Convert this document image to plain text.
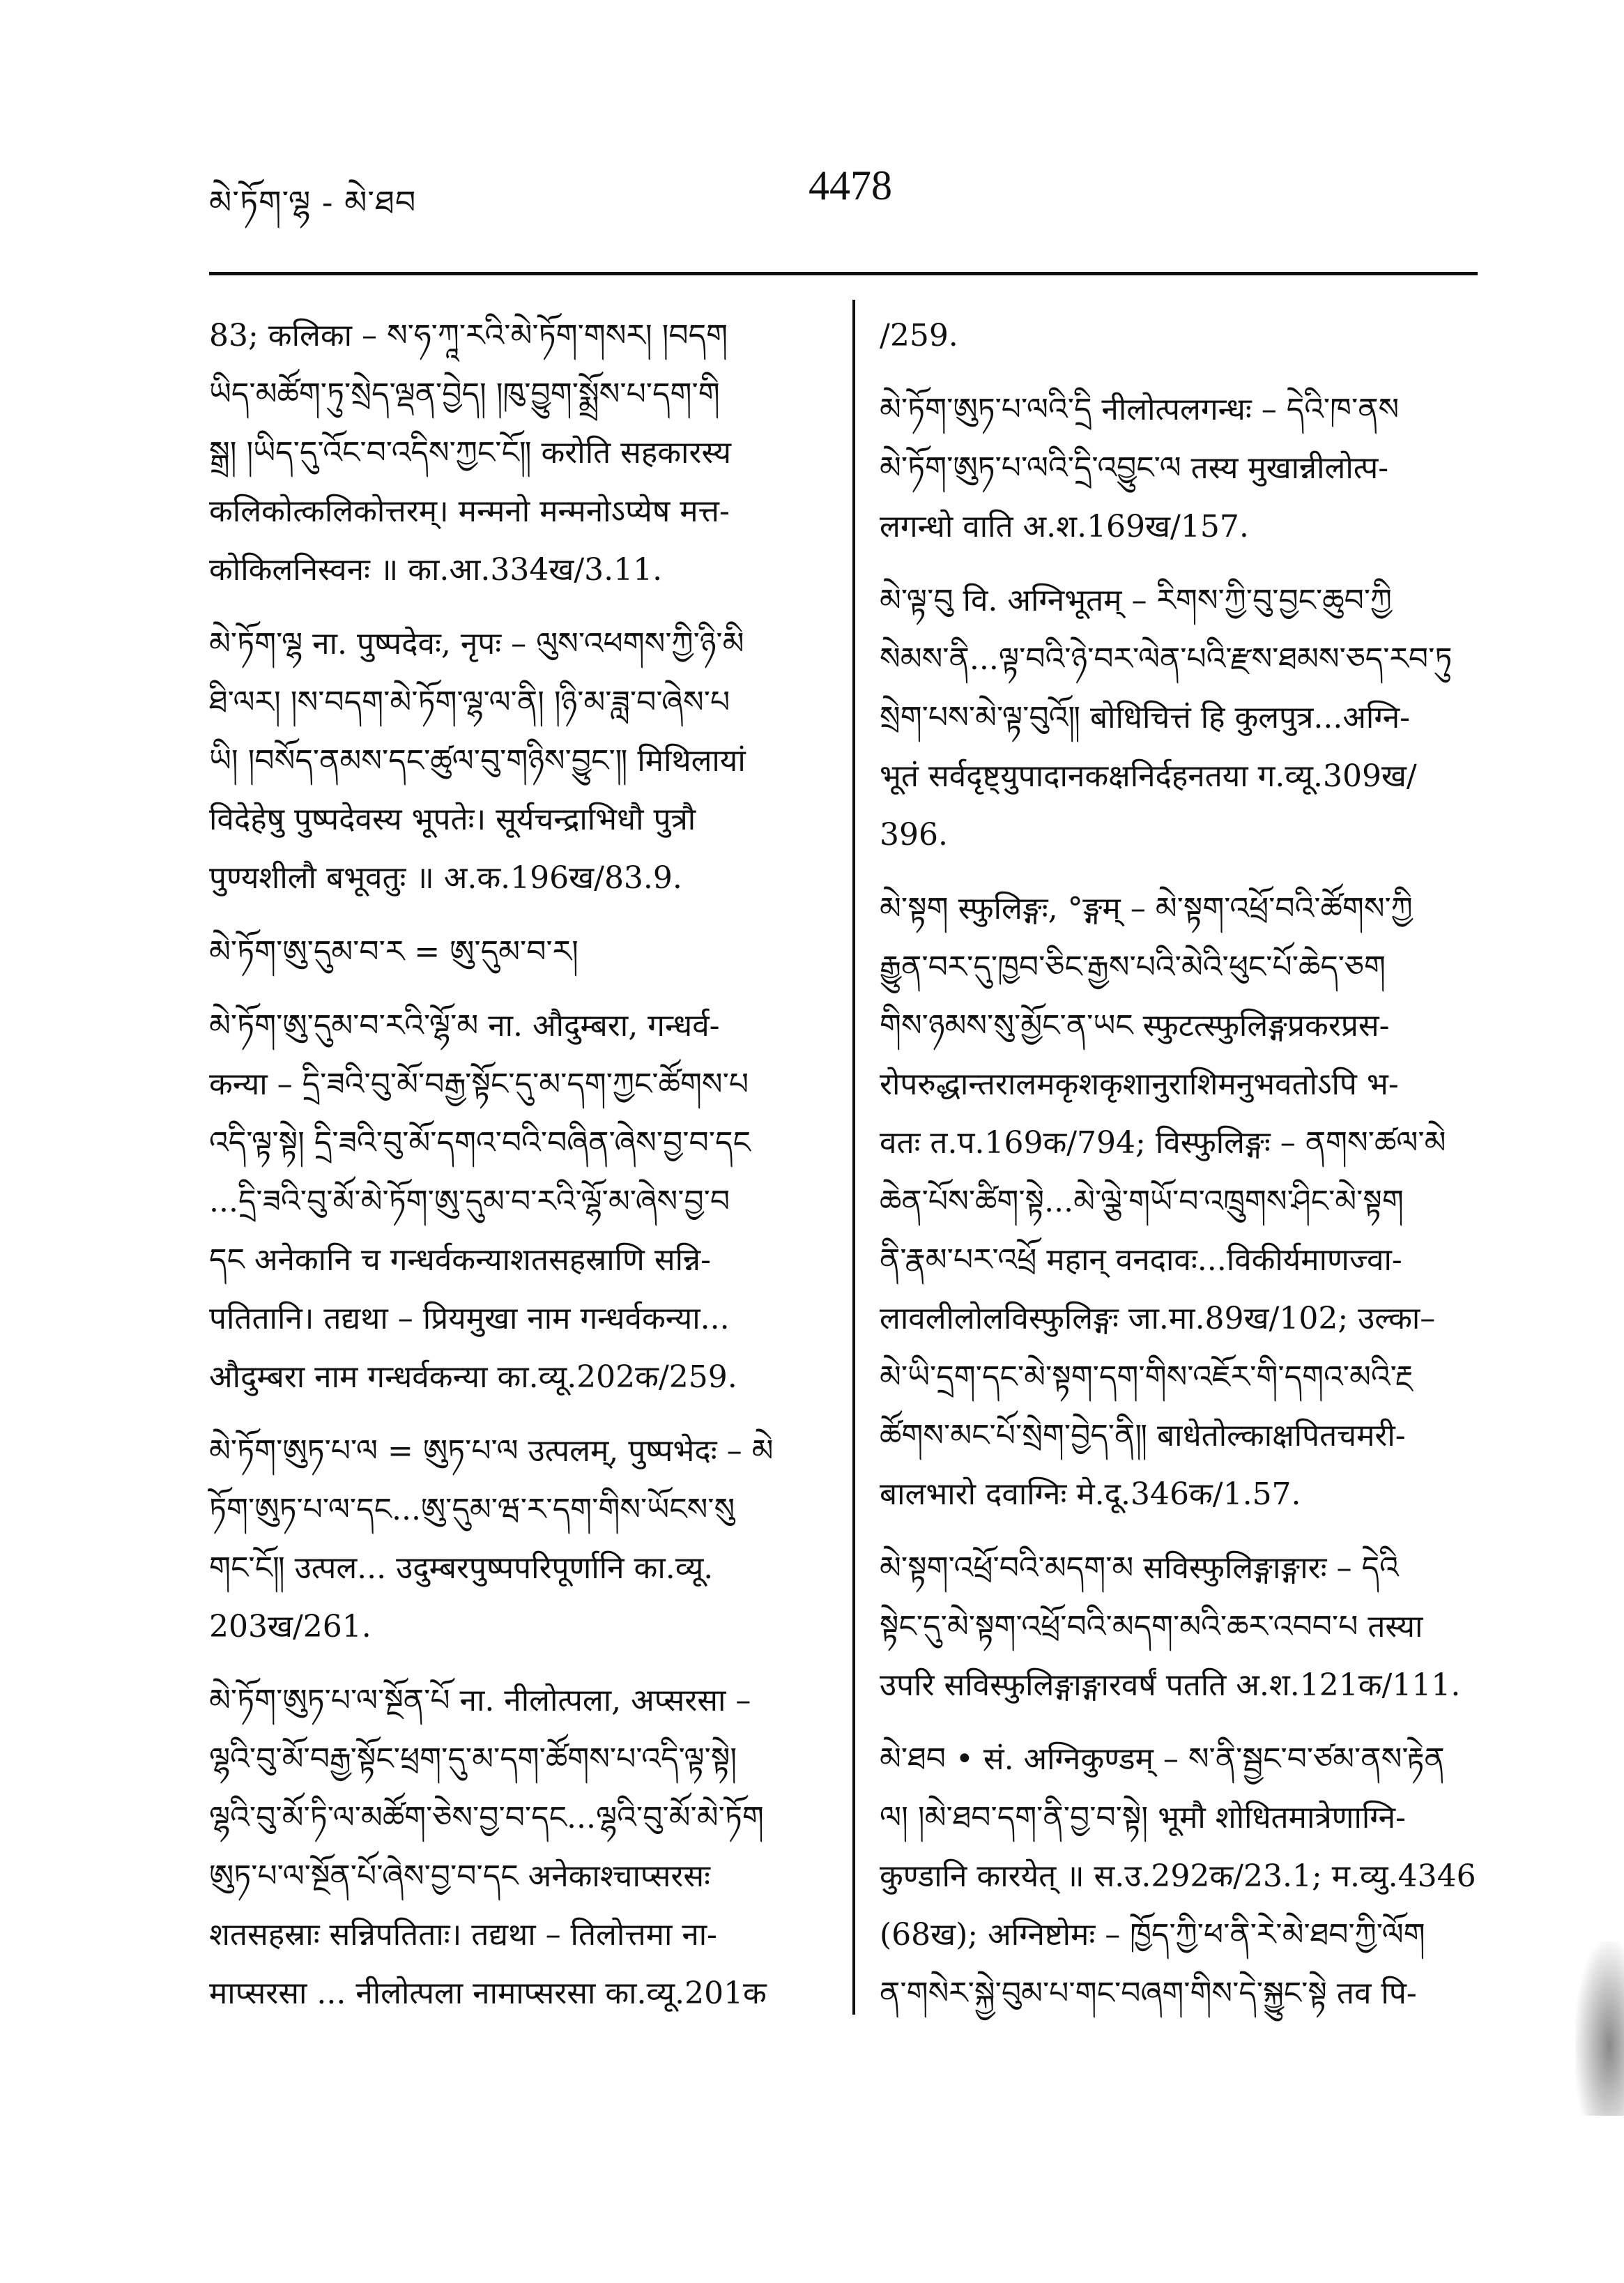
མེ་ཏོག་ལྷ - མེ་ཐབ	4478

83; कलिका – ས་ཧ་ཀཱ་རའི་མེ་ཏོག་གསར། །བདག

ཡིད་མཚོག་ཏུ་སྲེད་ལྡན་བྱེད། །ཁུ་བྱུག་སྨྲོས་པ་དག་གི

སྒྲ། །ཡིད་དུ་འོང་བ་འདིས་ཀྱང་ངོ༎ करोति सहकारस्य

कलिकोत्कलिकोत्तरम्। मन्मनो मन्मनोऽप्येष मत्त-

कोकिलनिस्वनः ॥ का.आ.334ख/3.11.

མེ་ཏོག་ལྷ ना. पुष्पदेवः, नृपः – ལུས་འཕགས་ཀྱི་ཉི་མི

ཐི་ལར། །ས་བདག་མེ་ཏོག་ལྷ་ལ་ནི། །ཉི་མ་ཟླ་བ་ཞེས་པ

ཡི། །བསོད་ནམས་དང་ཚུལ་བུ་གཉིས་བྱུང་༎ मिथिलायां

विदेहेषु पुष्पदेवस्य भूपतेः। सूर्यचन्द्राभिधौ पुत्रौ

पुण्यशीलौ बभूवतुः ॥ अ.क.196ख/83.9.

མེ་ཏོག་ཨུ་དུམ་བ་ར = ཨུ་དུམ་བ་ར།

མེ་ཏོག་ཨུ་དུམ་བ་རའི་ལྷོ་མ ना. औदुम्बरा, गन्धर्व-

कन्या – དྲི་ཟའི་བུ་མོ་བརྒྱ་སྟོང་དུ་མ་དག་ཀྱང་ཚོགས་པ

འདི་ལྟ་སྟེ། དྲི་ཟའི་བུ་མོ་དགའ་བའི་བཞིན་ཞེས་བྱ་བ་དང

...དྲི་ཟའི་བུ་མོ་མེ་ཏོག་ཨུ་དུམ་བ་རའི་ལྷོ་མ་ཞེས་བྱ་བ

དང अनेकानि च गन्धर्वकन्याशतसहस्राणि सन्नि-

पतितानि। तद्यथा – प्रियमुखा नाम गन्धर्वकन्या...

औदुम्बरा नाम गन्धर्वकन्या का.व्यू.202क/259.

མེ་ཏོག་ཨུཏ་པ་ལ = ཨུཏ་པ་ལ उत्पलम्, पुष्पभेदः – མེ

ཏོག་ཨུཏ་པ་ལ་དང...ཨུ་དུམ་ཝ་ར་དག་གིས་ཡོངས་སུ

གང་ངོ༎ उत्पल... उदुम्बरपुष्पपरिपूर्णानि का.व्यू.

203ख/261.

མེ་ཏོག་ཨུཏ་པ་ལ་སྔོན་པོ ना. नीलोत्पला, अप्सरसा –

ལྷའི་བུ་མོ་བརྒྱ་སྟོང་ཕྲག་དུ་མ་དག་ཚོགས་པ་འདི་ལྟ་སྟེ།

ལྷའི་བུ་མོ་ཏི་ལ་མཚོག་ཅེས་བྱ་བ་དང...ལྷའི་བུ་མོ་མེ་ཏོག

ཨུཏ་པ་ལ་སྔོན་པོ་ཞེས་བྱ་བ་དང अनेकाश्चाप्सरसः

शतसहस्राः सन्निपतिताः। तद्यथा – तिलोत्तमा ना-

माप्सरसा ... नीलोत्पला नामाप्सरसा का.व्यू.201क

/259.

མེ་ཏོག་ཨུཏ་པ་ལའི་དྲི नीलोत्पलगन्धः – དེའི་ཁ་ནས

མེ་ཏོག་ཨུཏ་པ་ལའི་དྲི་འབྱུང་ལ तस्य मुखान्नीलोत्प-

लगन्धो वाति अ.श.169ख/157.

མེ་ལྟ་བུ वि. अग्निभूतम् – རིགས་ཀྱི་བུ་བྱང་ཆུབ་ཀྱི

སེམས་ནི...ལྟ་བའི་ཉེ་བར་ལེན་པའི་རྫས་ཐམས་ཅད་རབ་ཏུ

སྲེག་པས་མེ་ལྟ་བུའོ༎ बोधिचित्तं हि कुलपुत्र...अग्नि-

भूतं सर्वदृष्ट्युपादानकक्षनिर्दहनतया ग.व्यू.309ख/

396.

མེ་སྟག स्फुलिङ्गः, °ङ्गम् – མེ་སྟག་འཕྲོ་བའི་ཚོགས་ཀྱི

རྒྱུན་བར་དུ་ཁྱབ་ཅིང་རྒྱས་པའི་མེའི་ཕུང་པོ་ཆེད་ཅག

གིས་ཉམས་སུ་མྱོང་ན་ཡང स्फुटत्स्फुलिङ्गप्रकरप्रस-

रोपरुद्धान्तरालमकृशकृशानुराशिमनुभवतोऽपि भ-

वतः त.प.169क/794; विस्फुलिङ्गः – ནགས་ཚལ་མེ

ཆེན་པོས་ཚིག་སྟེ...མེ་ལྕེ་གཡོ་བ་འཁྲུགས་ཤིང་མེ་སྟག

ནི་རྣམ་པར་འཕྲོ महान् वनदावः...विकीर्यमाणज्वा-

लावलीलोलविस्फुलिङ्गः जा.मा.89ख/102; उल्का–

མེ་ཡི་དྲག་དང་མེ་སྟག་དག་གིས་འཇོར་གི་དགའ་མའི་རྔ

ཚོགས་མང་པོ་སྲེག་བྱེད་ནི༎ बाधेतोल्काक्षपितचमरी-

बालभारो दवाग्निः मे.दू.346क/1.57.

མེ་སྟག་འཕྲོ་བའི་མདག་མ सविस्फुलिङ्गाङ्गारः – དེའི

སྟེང་དུ་མེ་སྟག་འཕྲོ་བའི་མདག་མའི་ཆར་འབབ་པ तस्या

उपरि सविस्फुलिङ्गाङ्गारवर्षं पतति अ.श.121क/111.

མེ་ཐབ • सं. अग्निकुण्डम् – ས་ནི་སྦྱང་བ་ཙམ་ནས་རྟེན

ལ། །མེ་ཐབ་དག་ནི་བྱ་བ་སྟེ། भूमौ शोधितमात्रेणाग्नि-

कुण्डानि कारयेत् ॥ स.उ.292क/23.1; म.व्यु.4346

(68ख); अग्निष्टोमः – ཁྱོད་ཀྱི་ཕ་ནི་རེ་མེ་ཐབ་ཀྱི་ལོག

ན་གསེར་སྐྱེ་བུམ་པ་གང་བཞག་གིས་དེ་སྐྱུང་སྟེ तव पि-
